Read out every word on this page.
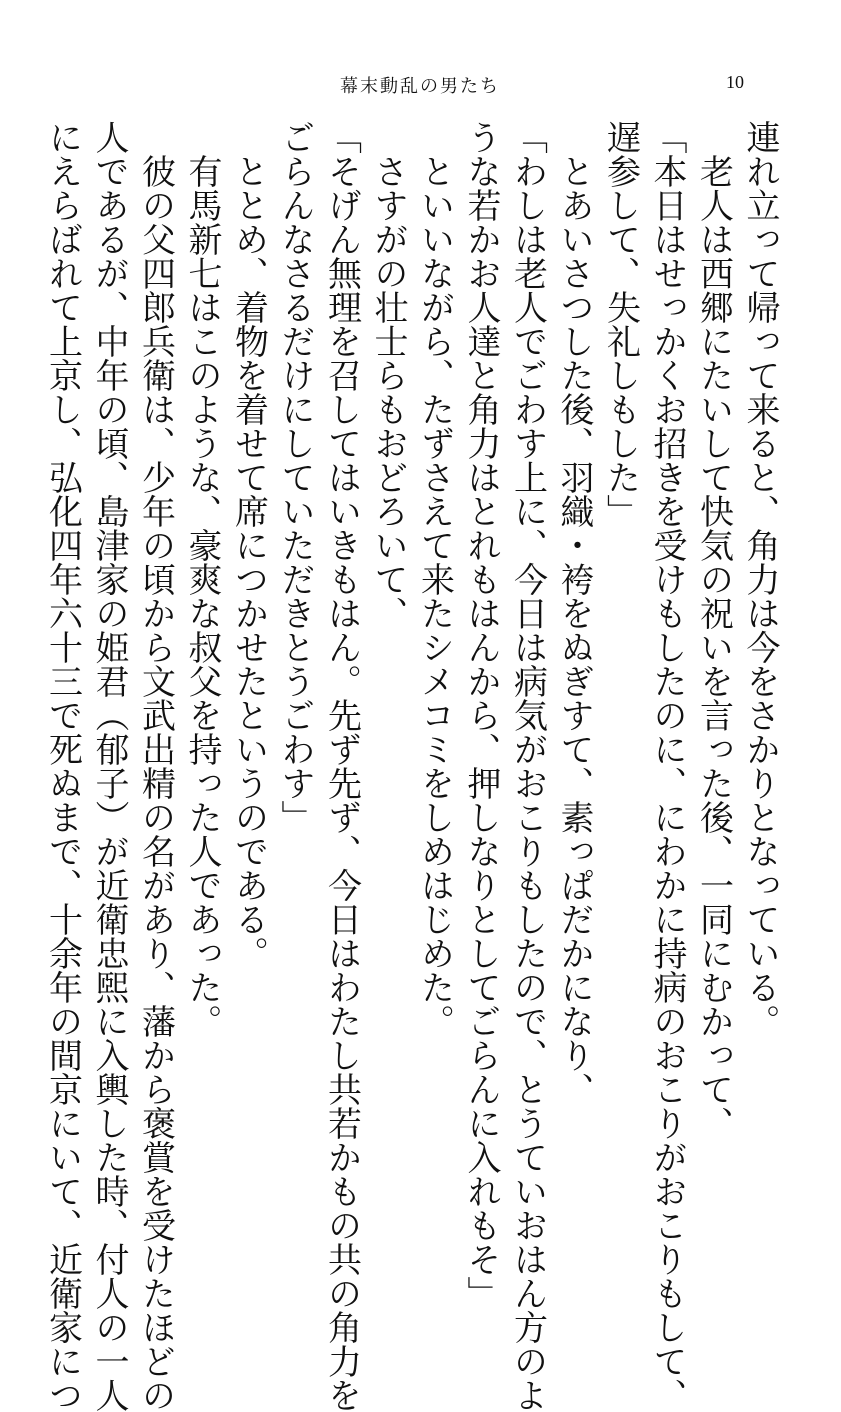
幕末動乱の男たち	10
連れ立って帰って来ると、角力は今をさかりとなっている。
　老人は西郷にたいして快気の祝いを言った後、一同にむかって、
「本日はせっかくお招きを受けもしたのに、にわかに持病のおこりがおこりもして、
遅参して、失礼しもした」
　とあいさつした後、羽織・袴をぬぎすて、素っぱだかになり、
「わしは老人でごわす上に、今日は病気がおこりもしたので、とうていおはん方のよ
うな若かお人達と角力はとれもはんから、押しなりとしてごらんに入れもそ」
　といいながら、たずさえて来たシメコミをしめはじめた。
　さすがの壮士らもおどろいて、
「そげん無理を召してはいきもはん。先ず先ず、今日はわたし共若かもの共の角力を
ごらんなさるだけにしていただきとうごわす」
　ととめ、着物を着せて席につかせたというのである。
　有馬新七はこのような、豪爽な叔父を持った人であった。
　彼の父四郎兵衛は、少年の頃から文武出精の名があり、藩から褒賞を受けたほどの
人であるが、中年の頃、島津家の姫君（郁子）が近衛忠煕に入輿した時、付人の一人
にえらばれて上京し、弘化四年六十三で死ぬまで、十余年の間京にいて、近衛家につ
